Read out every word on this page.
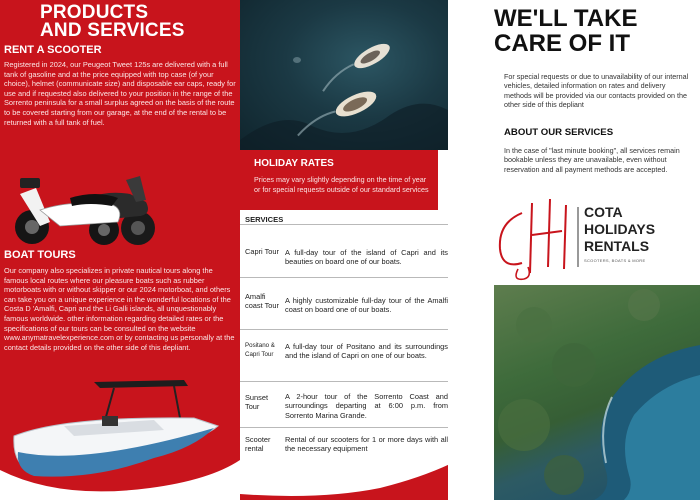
PRODUCTS
AND SERVICES
RENT A SCOOTER

Registered in 2024, our Peugeot Tweet 125s are delivered with a full tank of gasoline and at the price equipped with top case (of your choice), helmet (communicate size) and disposable ear caps, ready for use and if requested also delivered to your position in the range of the Sorrento peninsula for a small surplus agreed on the basis of the route to be covered starting from our garage, at the end of the rental to be returned with a full tank of fuel.

BOAT TOURS

Our company also specializes in private nautical tours along the famous local routes where our pleasure boats such as rubber motorboats with or without skipper or our 2024 motorboat, and others can take you on a unique experience in the wonderful locations of the Costa D 'Amalfi, Capri and the Li Galli islands, all unquestionably famous worldwide. other information regarding detailed rates or the specifications of our tours can be consulted on the website www.anymatravelexperience.com or by contacting us personally at the contact details provided on the other side of this depliant.

HOLIDAY RATES

Prices may vary slightly depending on the time of year or for special requests outside of our standard services

SERVICES
Capri Tour A full-day tour of the island of Capri and its beauties on board one of our boats.
Amalfi coast Tour
A highly customizable full-day tour of the Amalfi coast on board one of our boats.
Positano & Capri Tour
A full-day tour of Positano and its surroundings and the island of Capri on one of our boats.
Sunset Tour
A 2-hour tour of the Sorrento Coast and surroundings departing at 6:00 p.m. from Sorrento Marina Grande.
Scooter rental
Rental of our scooters for 1 or more days with all the necessary equipment
WE'LL TAKE
CARE OF IT

For special requests or due to unavailability of our internal vehicles, detailed information on rates and delivery methods will be provided via our contacts provided on the other side of this depliant

ABOUT OUR SERVICES

In the case of "last minute booking", all services remain bookable unless they are unavailable, even without reservation and all payment methods are accepted.

COTA
HOLIDAYS
RENTALS
SCOOTERS, BOATS & MORE
